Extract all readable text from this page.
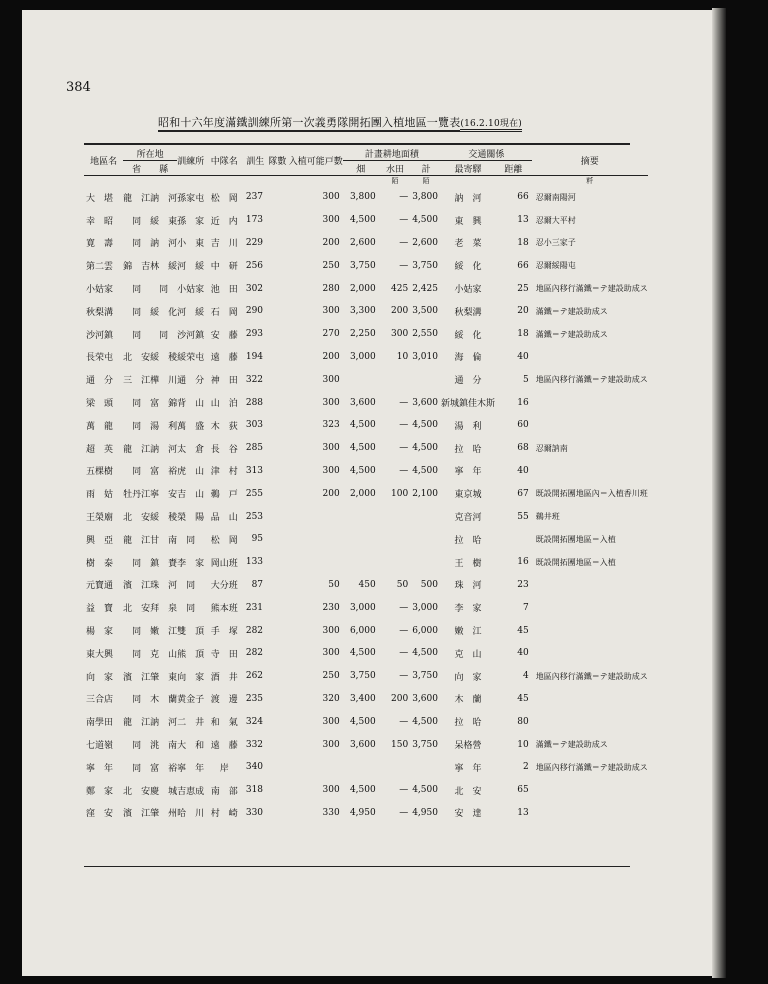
384
昭和十六年度滿鐵訓練所第一次義勇隊開拓團入植地區一覽表(16.2.10現在)
地區名	所在地		訓練所	中隊名	訓生	隊數	入植可能戸數	計畫耕地面積			交通關係		摘要	
	省	縣						畑	水田	計	最寄驛	距離		
									陌	陌			粁	
大　堪	龍　江	訥　河	孫家屯	松　岡	237		300	3,800	—	3,800	訥　河	66	忍爾南陽河	
幸　昭	同	綏　東	孫　家	近　内	173		300	4,500	—	4,500	東　興	13	忍爾大平村	
寛　壽	同	訥　河	小　東	吉　川	229		200	2,600	—	2,600	老　菜	18	忍小三家子	
第二雲	錦　吉	林　綏	河　綏	中　研	256		250	3,750	—	3,750	綏　化	66	忍爾綏陽屯	
小姑家	同	同	小姑家	池　田	302		280	2,000	425	2,425	小姑家	25	地區內移行滿鐵＝テ建設助成ス	
秋梨溝	同	綏　化	河　綏	石　岡	290		300	3,300	200	3,500	秋梨溝	20	滿鐵＝テ建設助成ス	
沙河鎮	同	同	沙河鎮	安　藤	293		270	2,250	300	2,550	綏　化	18	滿鐵＝テ建設助成ス	
長荣屯	北　安	綏　稜	綏荣屯	遠　藤	194		200	3,000	10	3,010	海　倫	40		
通　分	三　江	樺　川	通　分	神　田	322		300				通　分	5	地區內移行滿鐵＝テ建設助成ス	
梁　頭	同	富　錦	背　山	山　泊	288		300	3,600	—	3,600	新城鎮佳木斯	16		
萬　龍	同	湯　利	萬　盛	木　荻	303		323	4,500	—	4,500	湯　利	60		
超　英	龍　江	訥　河	太　倉	長　谷	285		300	4,500	—	4,500	拉　哈	68	忍爾訥南	
五棵樹	同	富　裕	虎　山	津　村	313		300	4,500	—	4,500	寧　年	40		
雨　姑	牡丹江	寧　安	吉　山	鵜　戸	255		200	2,000	100	2,100	東京城	67	既設開拓團地區內＝入植香川班	
王榮廟	北　安	綏　稜	榮　陽	品　山	253						克音河	55	鵜井班	
興　亞	龍　江	甘　南	同	松　岡	95						拉　哈		既設開拓團地區＝入植	
樹　泰	同	鎮　賚	李　家	岡山班	133						王　樹	16	既設開拓團地區＝入植	
元寶通	濱　江	珠　河	同	大分班	87		50	450	50	500	珠　河	23		
益　寶	北　安	拜　泉	同	熊本班	231		230	3,000	—	3,000	李　家	7		
楊　家	同	嫩　江	雙　頂	手　塚	282		300	6,000	—	6,000	嫩　江	45		
東大興	同	克　山	熊　頂	寺　田	282		300	4,500	—	4,500	克　山	40		
向　家	濱　江	肇　東	向　家	酒　井	262		250	3,750	—	3,750	向　家	4	地區內移行滿鐵＝テ建設助成ス	
三合店	同	木　蘭	黄金子	渡　邊	235		320	3,400	200	3,600	木　蘭	45		
南學田	龍　江	訥　河	二　井	和　氣	324		300	4,500	—	4,500	拉　哈	80		
七道嶺	同	洮　南	大　和	遠　藤	332		300	3,600	150	3,750	呆格營	10	滿鐵＝テ建設助成ス	
寧　年	同	富　裕	寧　年	岸	340						寧　年	2	地區內移行滿鐵＝テ建設助成ス	
鄭　家	北　安	慶　城	吉恵成	南　部	318		300	4,500	—	4,500	北　安	65		
窪　安	濱　江	肇　州	哈　川	村　崎	330		330	4,950	—	4,950	安　達	13		
